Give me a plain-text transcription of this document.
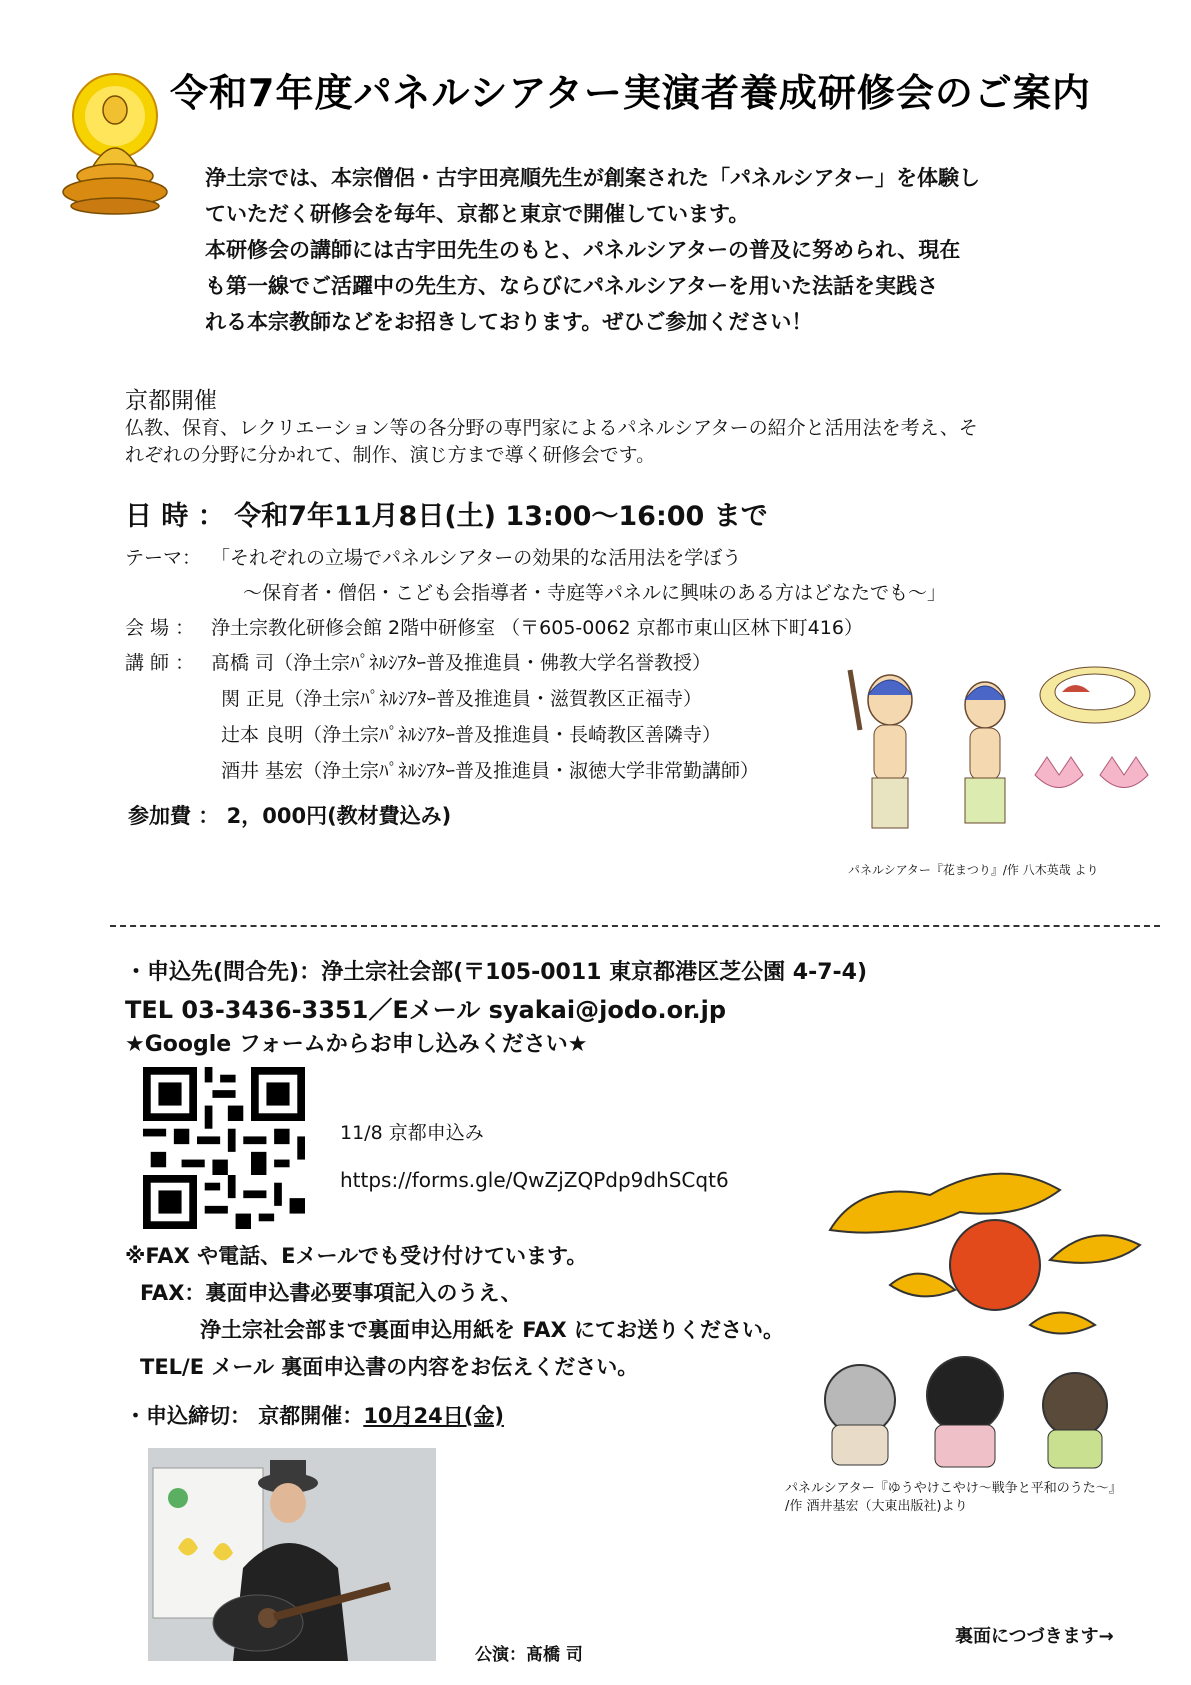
令和7年度パネルシアター実演者養成研修会のご案内
浄土宗では、本宗僧侶・古宇田亮順先生が創案された「パネルシアター」を体験し
ていただく研修会を毎年、京都と東京で開催しています。
本研修会の講師には古宇田先生のもと、パネルシアターの普及に努められ、現在
も第一線でご活躍中の先生方、ならびにパネルシアターを用いた法話を実践さ
れる本宗教師などをお招きしております。ぜひご参加ください！
京都開催
仏教、保育、レクリエーション等の各分野の専門家によるパネルシアターの紹介と活用法を考え、そ
れぞれの分野に分かれて、制作、演じ方まで導く研修会です。
日 時 ： 令和7年11月8日(土) 13:00～16:00 まで
テーマ： 「それぞれの立場でパネルシアターの効果的な活用法を学ぼう
～保育者・僧侶・こども会指導者・寺庭等パネルに興味のある方はどなたでも～」
会 場 ： 浄土宗教化研修会館 2階中研修室 （〒605-0062 京都市東山区林下町416）
講 師 ： 髙橋 司（浄土宗ﾊﾟﾈﾙｼｱﾀｰ普及推進員・佛教大学名誉教授）
関 正見（浄土宗ﾊﾟﾈﾙｼｱﾀｰ普及推進員・滋賀教区正福寺）
辻本 良明（浄土宗ﾊﾟﾈﾙｼｱﾀｰ普及推進員・長崎教区善隣寺）
酒井 基宏（浄土宗ﾊﾟﾈﾙｼｱﾀｰ普及推進員・淑徳大学非常勤講師）
参加費 ： 2，000円(教材費込み)
パネルシアター『花まつり』/作 八木英哉 より
・申込先(問合先)：浄土宗社会部(〒105-0011 東京都港区芝公園 4-7-4)
TEL 03-3436-3351／Eメール syakai@jodo.or.jp
★Google フォームからお申し込みください★
11/8 京都申込み
https://forms.gle/QwZjZQPdp9dhSCqt6
※FAX や電話、Eメールでも受け付けています。
FAX：裏面申込書必要事項記入のうえ、
浄土宗社会部まで裏面申込用紙を FAX にてお送りください。
TEL/E メール 裏面申込書の内容をお伝えください。
・申込締切： 京都開催：10月24日(金)
パネルシアター『ゆうやけこやけ～戦争と平和のうた～』
/作 酒井基宏（大東出版社)より
公演：髙橋 司
裏面につづきます→
